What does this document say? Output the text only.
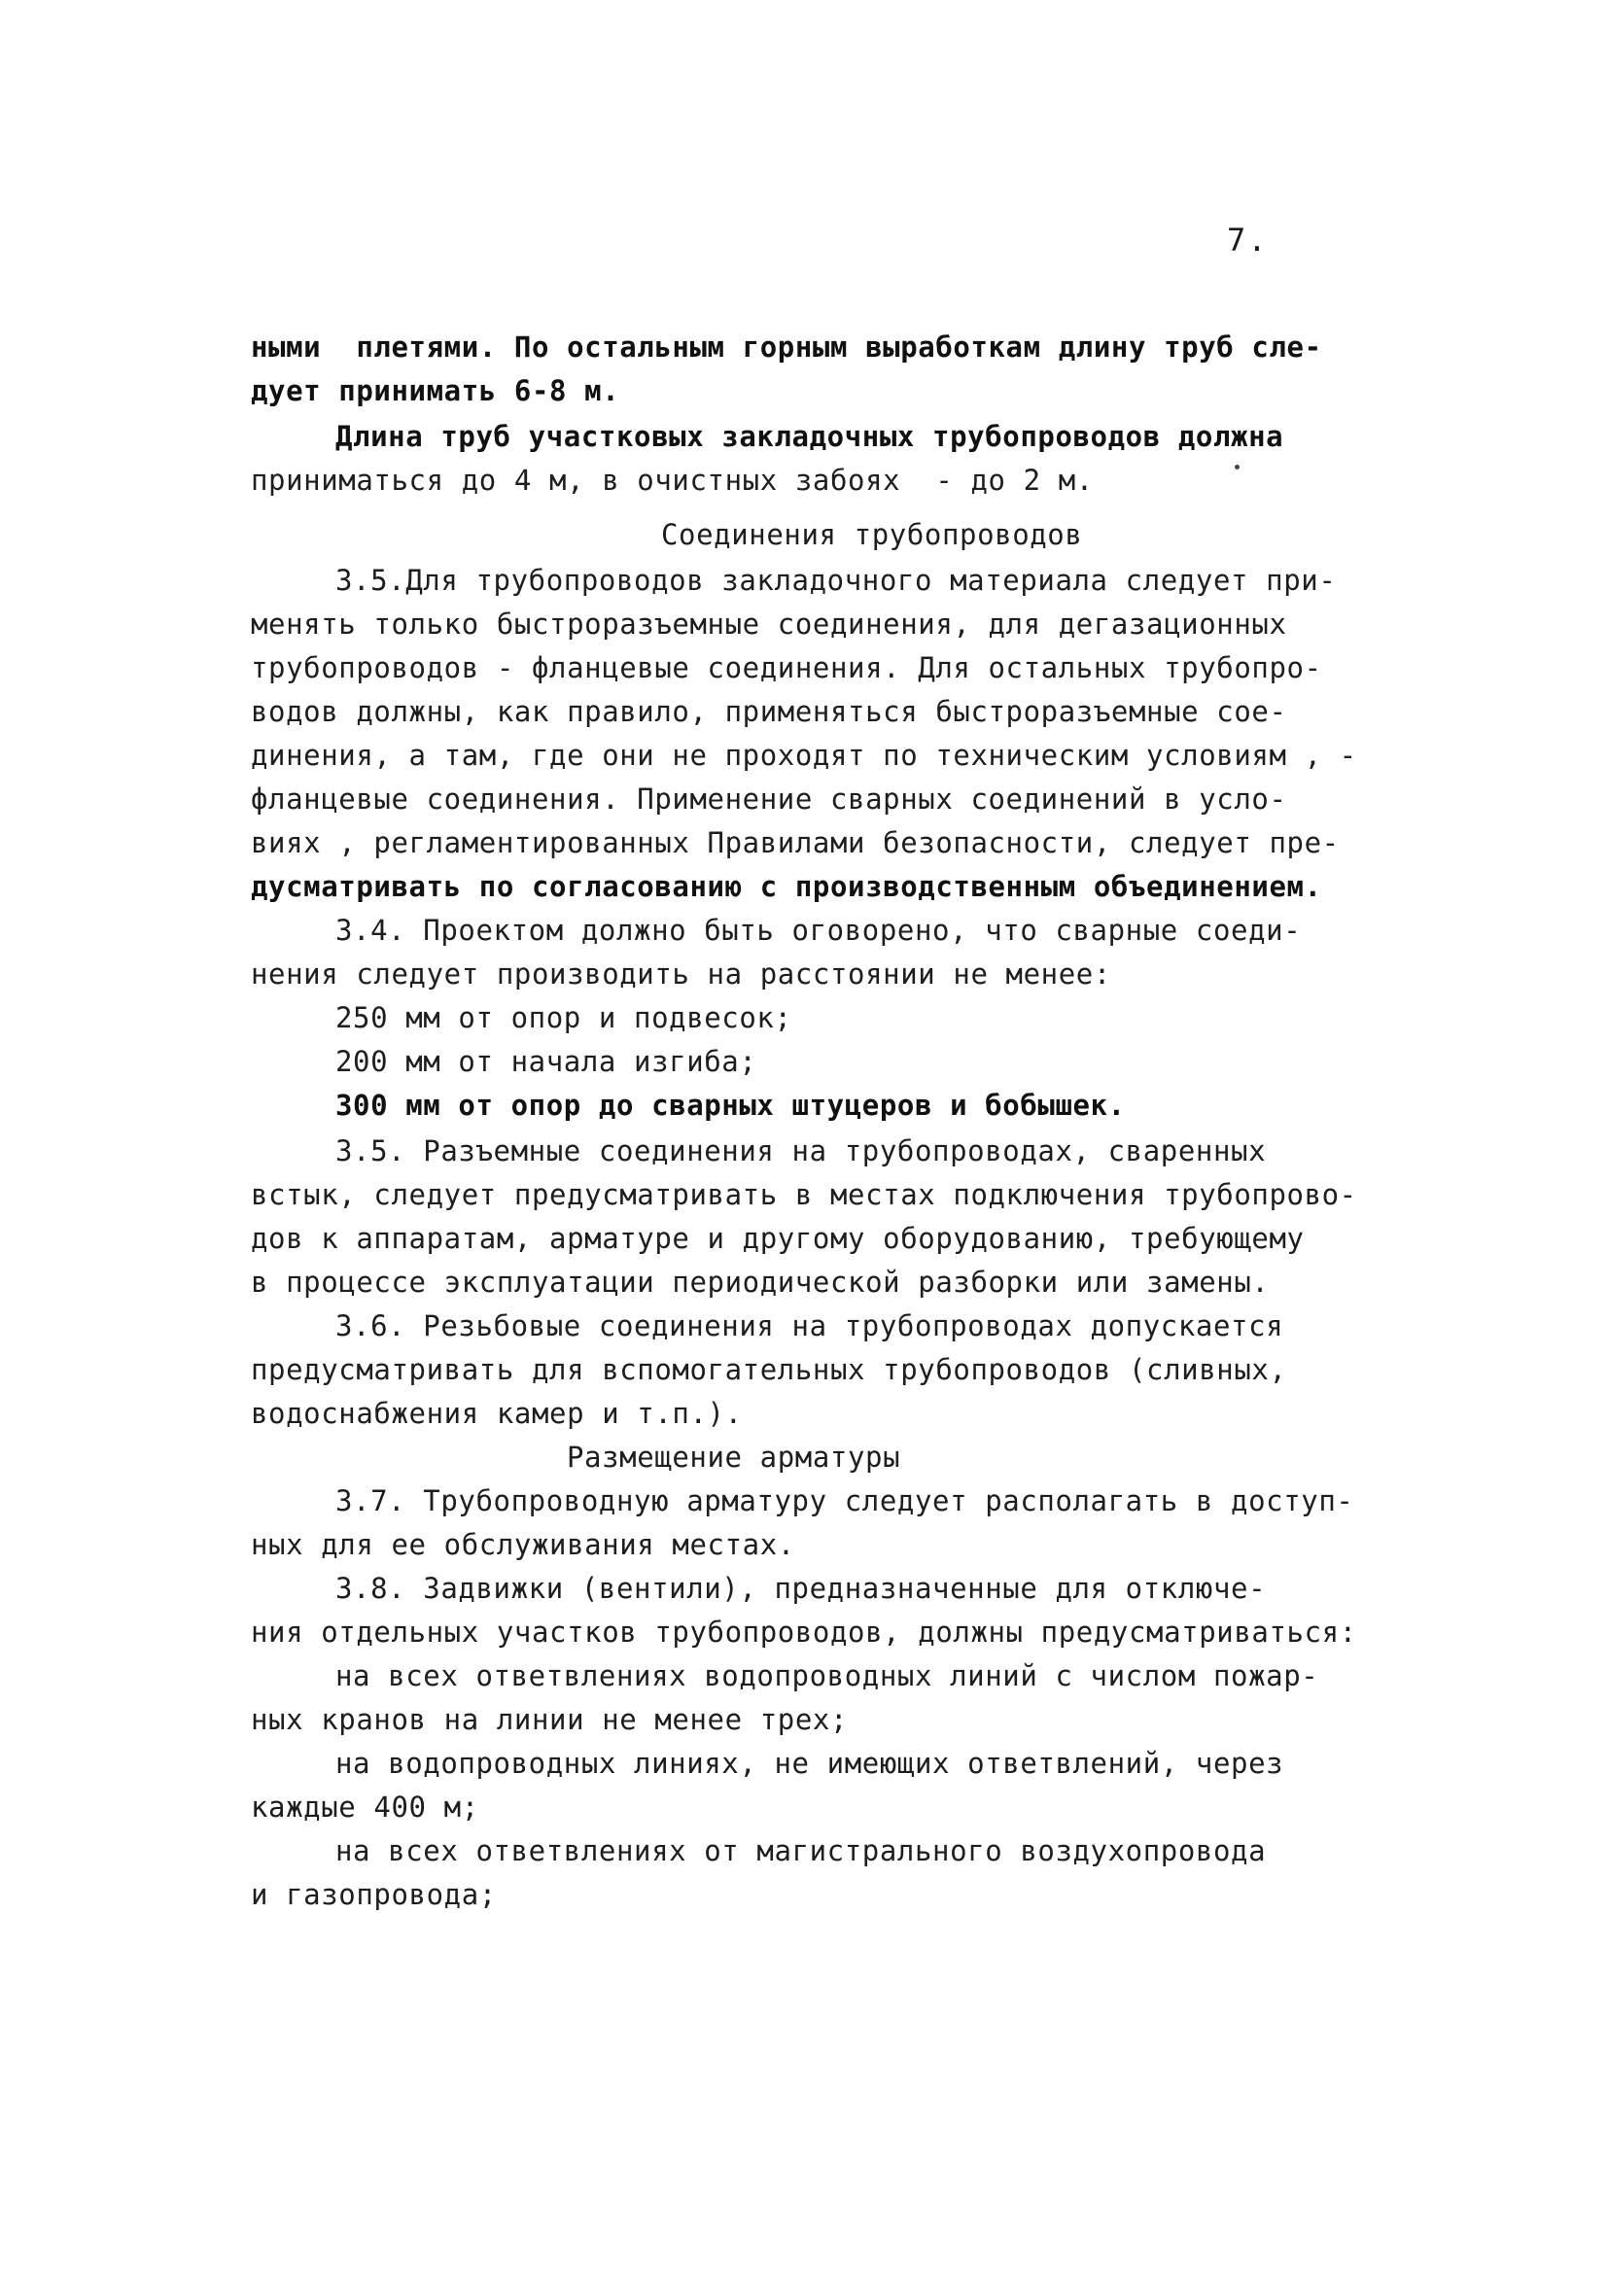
7.
ными  плетями. По остальным горным выработкам длину труб сле-
дует принимать 6-8 м.
Длина труб участковых закладочных трубопроводов должна
приниматься до 4 м, в очистных забоях  - до 2 м.
Соединения трубопроводов
3.5.Для трубопроводов закладочного материала следует при-
менять только быстроразъемные соединения, для дегазационных
трубопроводов - фланцевые соединения. Для остальных трубопро-
водов должны, как правило, применяться быстроразъемные сое-
динения, а там, где они не проходят по техническим условиям , -
фланцевые соединения. Применение сварных соединений в усло-
виях , регламентированных Правилами безопасности, следует пре-
дусматривать по согласованию с производственным объединением.
3.4. Проектом должно быть оговорено, что сварные соеди-
нения следует производить на расстоянии не менее:
250 мм от опор и подвесок;
200 мм от начала изгиба;
300 мм от опор до сварных штуцеров и бобышек.
3.5. Разъемные соединения на трубопроводах, сваренных
встык, следует предусматривать в местах подключения трубопрово-
дов к аппаратам, арматуре и другому оборудованию, требующему
в процессе эксплуатации периодической разборки или замены.
3.6. Резьбовые соединения на трубопроводах допускается
предусматривать для вспомогательных трубопроводов (сливных,
водоснабжения камер и т.п.).
Размещение арматуры
3.7. Трубопроводную арматуру следует располагать в доступ-
ных для ее обслуживания местах.
3.8. Задвижки (вентили), предназначенные для отключе-
ния отдельных участков трубопроводов, должны предусматриваться:
на всех ответвлениях водопроводных линий с числом пожар-
ных кранов на линии не менее трех;
на водопроводных линиях, не имеющих ответвлений, через
каждые 400 м;
на всех ответвлениях от магистрального воздухопровода
и газопровода;
